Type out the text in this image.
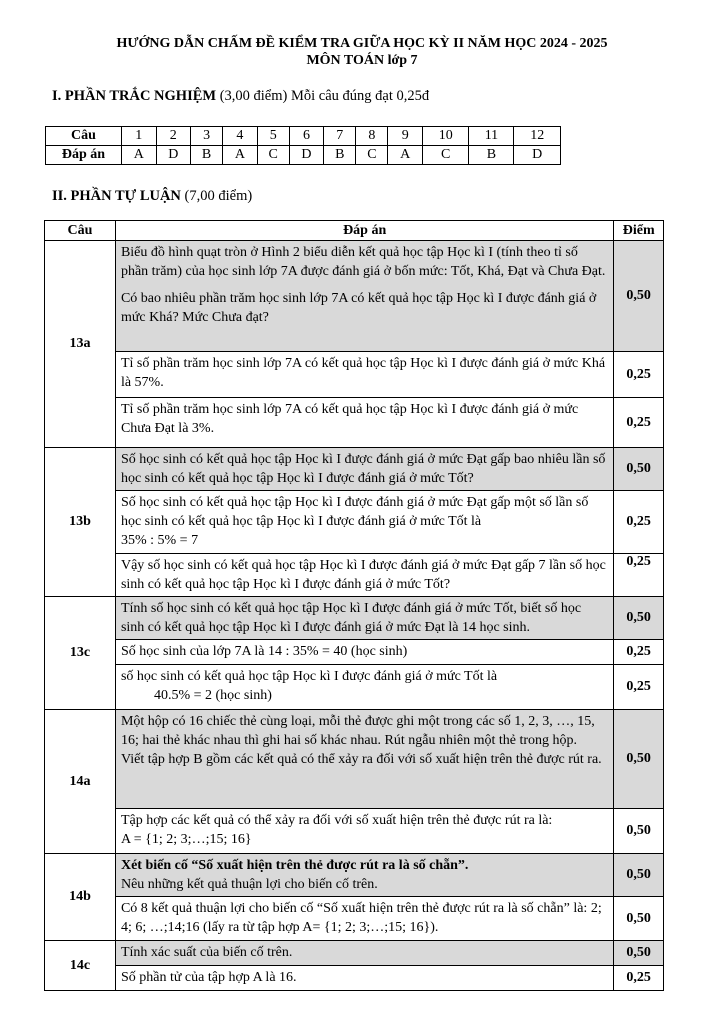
HƯỚNG DẪN CHẤM ĐỀ KIỂM TRA GIỮA HỌC KỲ II NĂM HỌC 2024 - 2025
MÔN TOÁN lớp 7
I. PHẦN TRẮC NGHIỆM (3,00 điểm) Mỗi câu đúng đạt 0,25đ
Câu	1	2	3	4	5	6	7	8	9	10	11	12
Đáp án	A	D	B	A	C	D	B	C	A	C	B	D
II. PHẦN TỰ LUẬN (7,00 điểm)
Câu	Đáp án	Điểm
13a	Biểu đồ hình quạt tròn ở Hình 2 biểu diễn kết quả học tập Học kì I (tính theo tỉ số phần trăm) của học sinh lớp 7A được đánh giá ở bốn mức: Tốt, Khá, Đạt và Chưa Đạt.

Có bao nhiêu phần trăm học sinh lớp 7A có kết quả học tập Học kì I được đánh giá ở mức Khá? Mức Chưa đạt?	0,50
	Tỉ số phần trăm học sinh lớp 7A có kết quả học tập Học kì I được đánh giá ở mức Khá là 57%.	0,25
	Tỉ số phần trăm học sinh lớp 7A có kết quả học tập Học kì I được đánh giá ở mức Chưa Đạt là 3%.	0,25
13b	Số học sinh có kết quả học tập Học kì I được đánh giá ở mức Đạt gấp bao nhiêu lần số học sinh có kết quả học tập Học kì I được đánh giá ở mức Tốt?	0,50

	Số học sinh có kết quả học tập Học kì I được đánh giá ở mức Đạt gấp một số lần số học sinh có kết quả học tập Học kì I được đánh giá ở mức Tốt là

35% : 5% = 7	0,25
	Vậy số học sinh có kết quả học tập Học kì I được đánh giá ở mức Đạt gấp 7 lần số học sinh có kết quả học tập Học kì I được đánh giá ở mức Tốt?	0,25
13c	Tính số học sinh có kết quả học tập Học kì I được đánh giá ở mức Tốt, biết số học sinh có kết quả học tập Học kì I được đánh giá ở mức Đạt là 14 học sinh.	0,50
	Số học sinh của lớp 7A là 14 : 35% = 40 (học sinh)	0,25

	số học sinh có kết quả học tập Học kì I được đánh giá ở mức Tốt là

40.5% = 2 (học sinh)	0,25
14a	Một hộp có 16 chiếc thẻ cùng loại, mỗi thẻ được ghi một trong các số 1, 2, 3, …, 15, 16; hai thẻ khác nhau thì ghi hai số khác nhau. Rút ngẫu nhiên một thẻ trong hộp.

Viết tập hợp B gồm các kết quả có thể xảy ra đối với số xuất hiện trên thẻ được rút ra.	0,50

	Tập hợp các kết quả có thể xảy ra đối với số xuất hiện trên thẻ được rút ra là:

A = {1; 2; 3;…;15; 16}	0,50
14b	Xét biến cố “Số xuất hiện trên thẻ được rút ra là số chẵn”.

Nêu những kết quả thuận lợi cho biến cố trên.	0,50
	Có 8 kết quả thuận lợi cho biến cố “Số xuất hiện trên thẻ được rút ra là số chẵn” là: 2; 4; 6; …;14;16 (lấy ra từ tập hợp A= {1; 2; 3;…;15; 16}).	0,50
14c	Tính xác suất của biến cố trên.	0,50
	Số phần tử của tập hợp A là 16.	0,25
